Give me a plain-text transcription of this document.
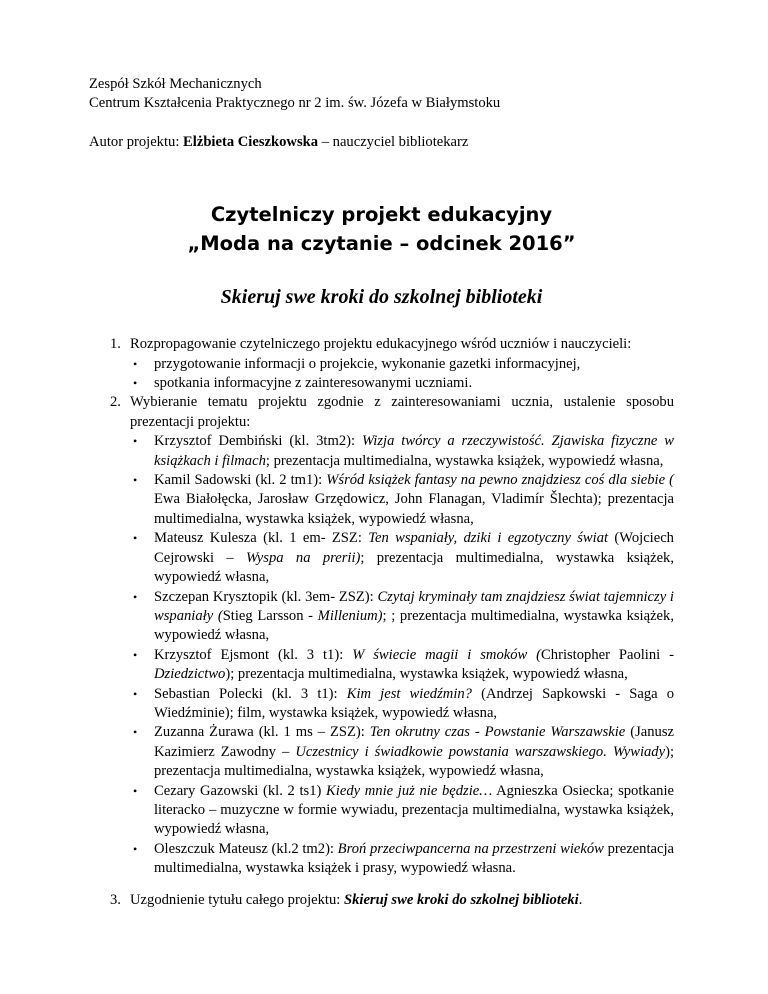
Zespół Szkół Mechanicznych
Centrum Kształcenia Praktycznego nr 2 im. św. Józefa w Białymstoku
Autor projektu: Elżbieta Cieszkowska – nauczyciel bibliotekarz
Czytelniczy projekt edukacyjny
„Moda na czytanie – odcinek 2016”
Skieruj swe kroki do szkolnej biblioteki
1. Rozpropagowanie czytelniczego projektu edukacyjnego wśród uczniów i nauczycieli:
• przygotowanie informacji o projekcie, wykonanie gazetki informacyjnej,
• spotkania informacyjne z zainteresowanymi uczniami.
2. Wybieranie tematu projektu zgodnie z zainteresowaniami ucznia, ustalenie sposobu prezentacji projektu:
• Krzysztof Dembiński (kl. 3tm2): Wizja twórcy a rzeczywistość. Zjawiska fizyczne w książkach i filmach; prezentacja multimedialna, wystawka książek, wypowiedź własna,
• Kamil Sadowski (kl. 2 tm1): Wśród książek fantasy na pewno znajdziesz coś dla siebie ( Ewa Białołęcka, Jarosław Grzędowicz, John Flanagan, Vladimír Šlechta); prezentacja multimedialna, wystawka książek, wypowiedź własna,
• Mateusz Kulesza (kl. 1 em- ZSZ: Ten wspaniały, dziki i egzotyczny świat (Wojciech Cejrowski – Wyspa na prerii); prezentacja multimedialna, wystawka książek, wypowiedź własna,
• Szczepan Krysztopik (kl. 3em- ZSZ): Czytaj kryminały tam znajdziesz świat tajemniczy i wspaniały (Stieg Larsson - Millenium); ; prezentacja multimedialna, wystawka książek, wypowiedź własna,
• Krzysztof Ejsmont (kl. 3 t1): W świecie magii i smoków (Christopher Paolini - Dziedzictwo); prezentacja multimedialna, wystawka książek, wypowiedź własna,
• Sebastian Polecki (kl. 3 t1): Kim jest wiedźmin? (Andrzej Sapkowski - Saga o Wiedźminie); film, wystawka książek, wypowiedź własna,
• Zuzanna Żurawa (kl. 1 ms – ZSZ): Ten okrutny czas - Powstanie Warszawskie (Janusz Kazimierz Zawodny – Uczestnicy i świadkowie powstania warszawskiego. Wywiady); prezentacja multimedialna, wystawka książek, wypowiedź własna,
• Cezary Gazowski (kl. 2 ts1) Kiedy mnie już nie będzie… Agnieszka Osiecka; spotkanie literacko – muzyczne w formie wywiadu, prezentacja multimedialna, wystawka książek, wypowiedź własna,
• Oleszczuk Mateusz (kl.2 tm2): Broń przeciwpancerna na przestrzeni wieków prezentacja multimedialna, wystawka książek i prasy, wypowiedź własna.
3. Uzgodnienie tytułu całego projektu: Skieruj swe kroki do szkolnej biblioteki.
